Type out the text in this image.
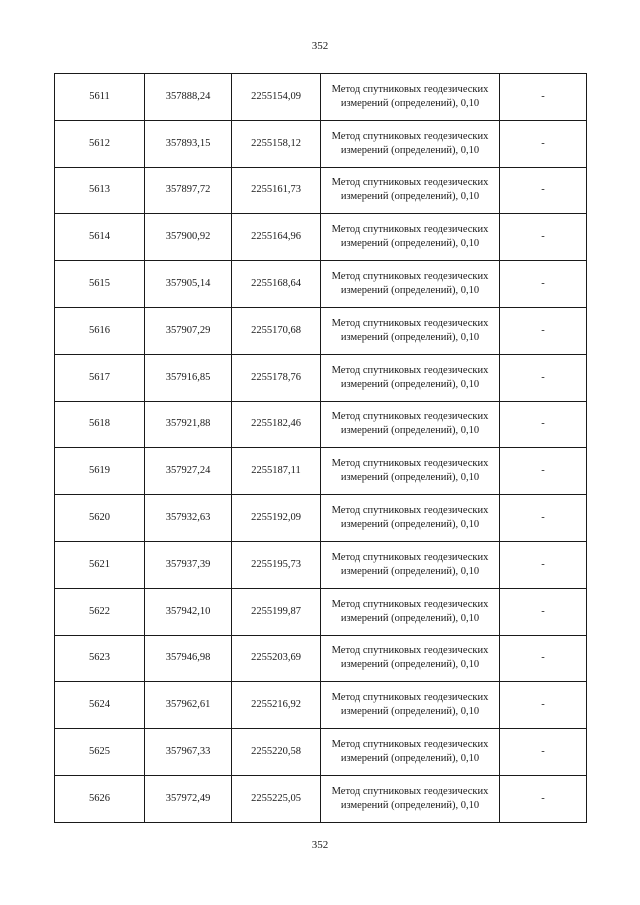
352
5611	357888,24	2255154,09	Метод спутниковых геодезических измерений (определений), 0,10	-
5612	357893,15	2255158,12	Метод спутниковых геодезических измерений (определений), 0,10	-
5613	357897,72	2255161,73	Метод спутниковых геодезических измерений (определений), 0,10	-
5614	357900,92	2255164,96	Метод спутниковых геодезических измерений (определений), 0,10	-
5615	357905,14	2255168,64	Метод спутниковых геодезических измерений (определений), 0,10	-
5616	357907,29	2255170,68	Метод спутниковых геодезических измерений (определений), 0,10	-
5617	357916,85	2255178,76	Метод спутниковых геодезических измерений (определений), 0,10	-
5618	357921,88	2255182,46	Метод спутниковых геодезических измерений (определений), 0,10	-
5619	357927,24	2255187,11	Метод спутниковых геодезических измерений (определений), 0,10	-
5620	357932,63	2255192,09	Метод спутниковых геодезических измерений (определений), 0,10	-
5621	357937,39	2255195,73	Метод спутниковых геодезических измерений (определений), 0,10	-
5622	357942,10	2255199,87	Метод спутниковых геодезических измерений (определений), 0,10	-
5623	357946,98	2255203,69	Метод спутниковых геодезических измерений (определений), 0,10	-
5624	357962,61	2255216,92	Метод спутниковых геодезических измерений (определений), 0,10	-
5625	357967,33	2255220,58	Метод спутниковых геодезических измерений (определений), 0,10	-
5626	357972,49	2255225,05	Метод спутниковых геодезических измерений (определений), 0,10	-
352
